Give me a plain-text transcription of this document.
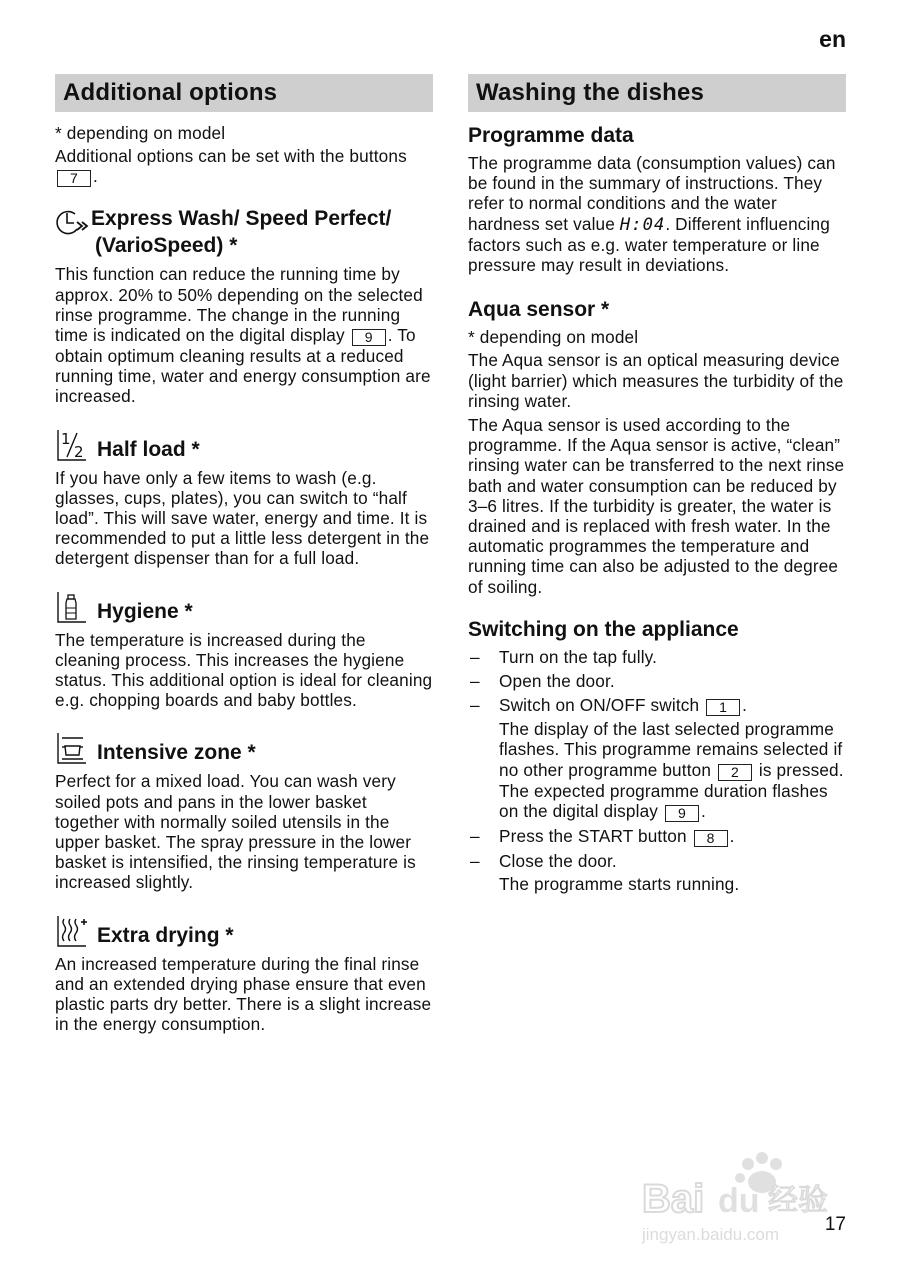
en
Additional options

* depending on model

Additional options can be set with the buttons 7 .

Express Wash/ Speed Perfect/
(VarioSpeed) *

This function can reduce the running time by approx. 20% to 50% depending on the selected rinse programme. The change in the running time is indicated on the digital display 9 . To obtain optimum cleaning results at a reduced running time, water and energy consumption are increased.

1
2 Half load *

If you have only a few items to wash (e.g. glasses, cups, plates), you can switch to “half load”. This will save water, energy and time. It is recommended to put a little less detergent in the detergent dispenser than for a full load.

Hygiene *

The temperature is increased during the cleaning process. This increases the hygiene status. This additional option is ideal for cleaning e.g. chopping boards and baby bottles.

Intensive zone *

Perfect for a mixed load. You can wash very soiled pots and pans in the lower basket together with normally soiled utensils in the upper basket. The spray pressure in the lower basket is intensified, the rinsing temperature is increased slightly.

Extra drying *

An increased temperature during the final rinse and an extended drying phase ensure that even plastic parts dry better. There is a slight increase in the energy consumption.

Washing the dishes
Programme data

The programme data (consumption values) can be found in the summary of instructions. They refer to normal conditions and the water hardness set value H:04. Different influencing factors such as e.g. water temperature or line pressure may result in deviations.

Aqua sensor *

* depending on model

The Aqua sensor is an optical measuring device (light barrier) which measures the turbidity of the rinsing water.

The Aqua sensor is used according to the programme. If the Aqua sensor is active, “clean” rinsing water can be transferred to the next rinse bath and water consumption can be reduced by 3–6 litres. If the turbidity is greater, the water is drained and is replaced with fresh water. In the automatic programmes the temperature and running time can also be adjusted to the degree of soiling.

Switching on the appliance
– Turn on the tap fully.
– Open the door.
– Switch on ON/OFF switch 1 .
The display of the last selected programme flashes. This programme remains selected if no other programme button 2 is pressed. The expected programme duration flashes on the digital display 9 .
– Press the START button 8 .
– Close the door.
The programme starts running.
Bai du 经验
jingyan.baidu.com 17
